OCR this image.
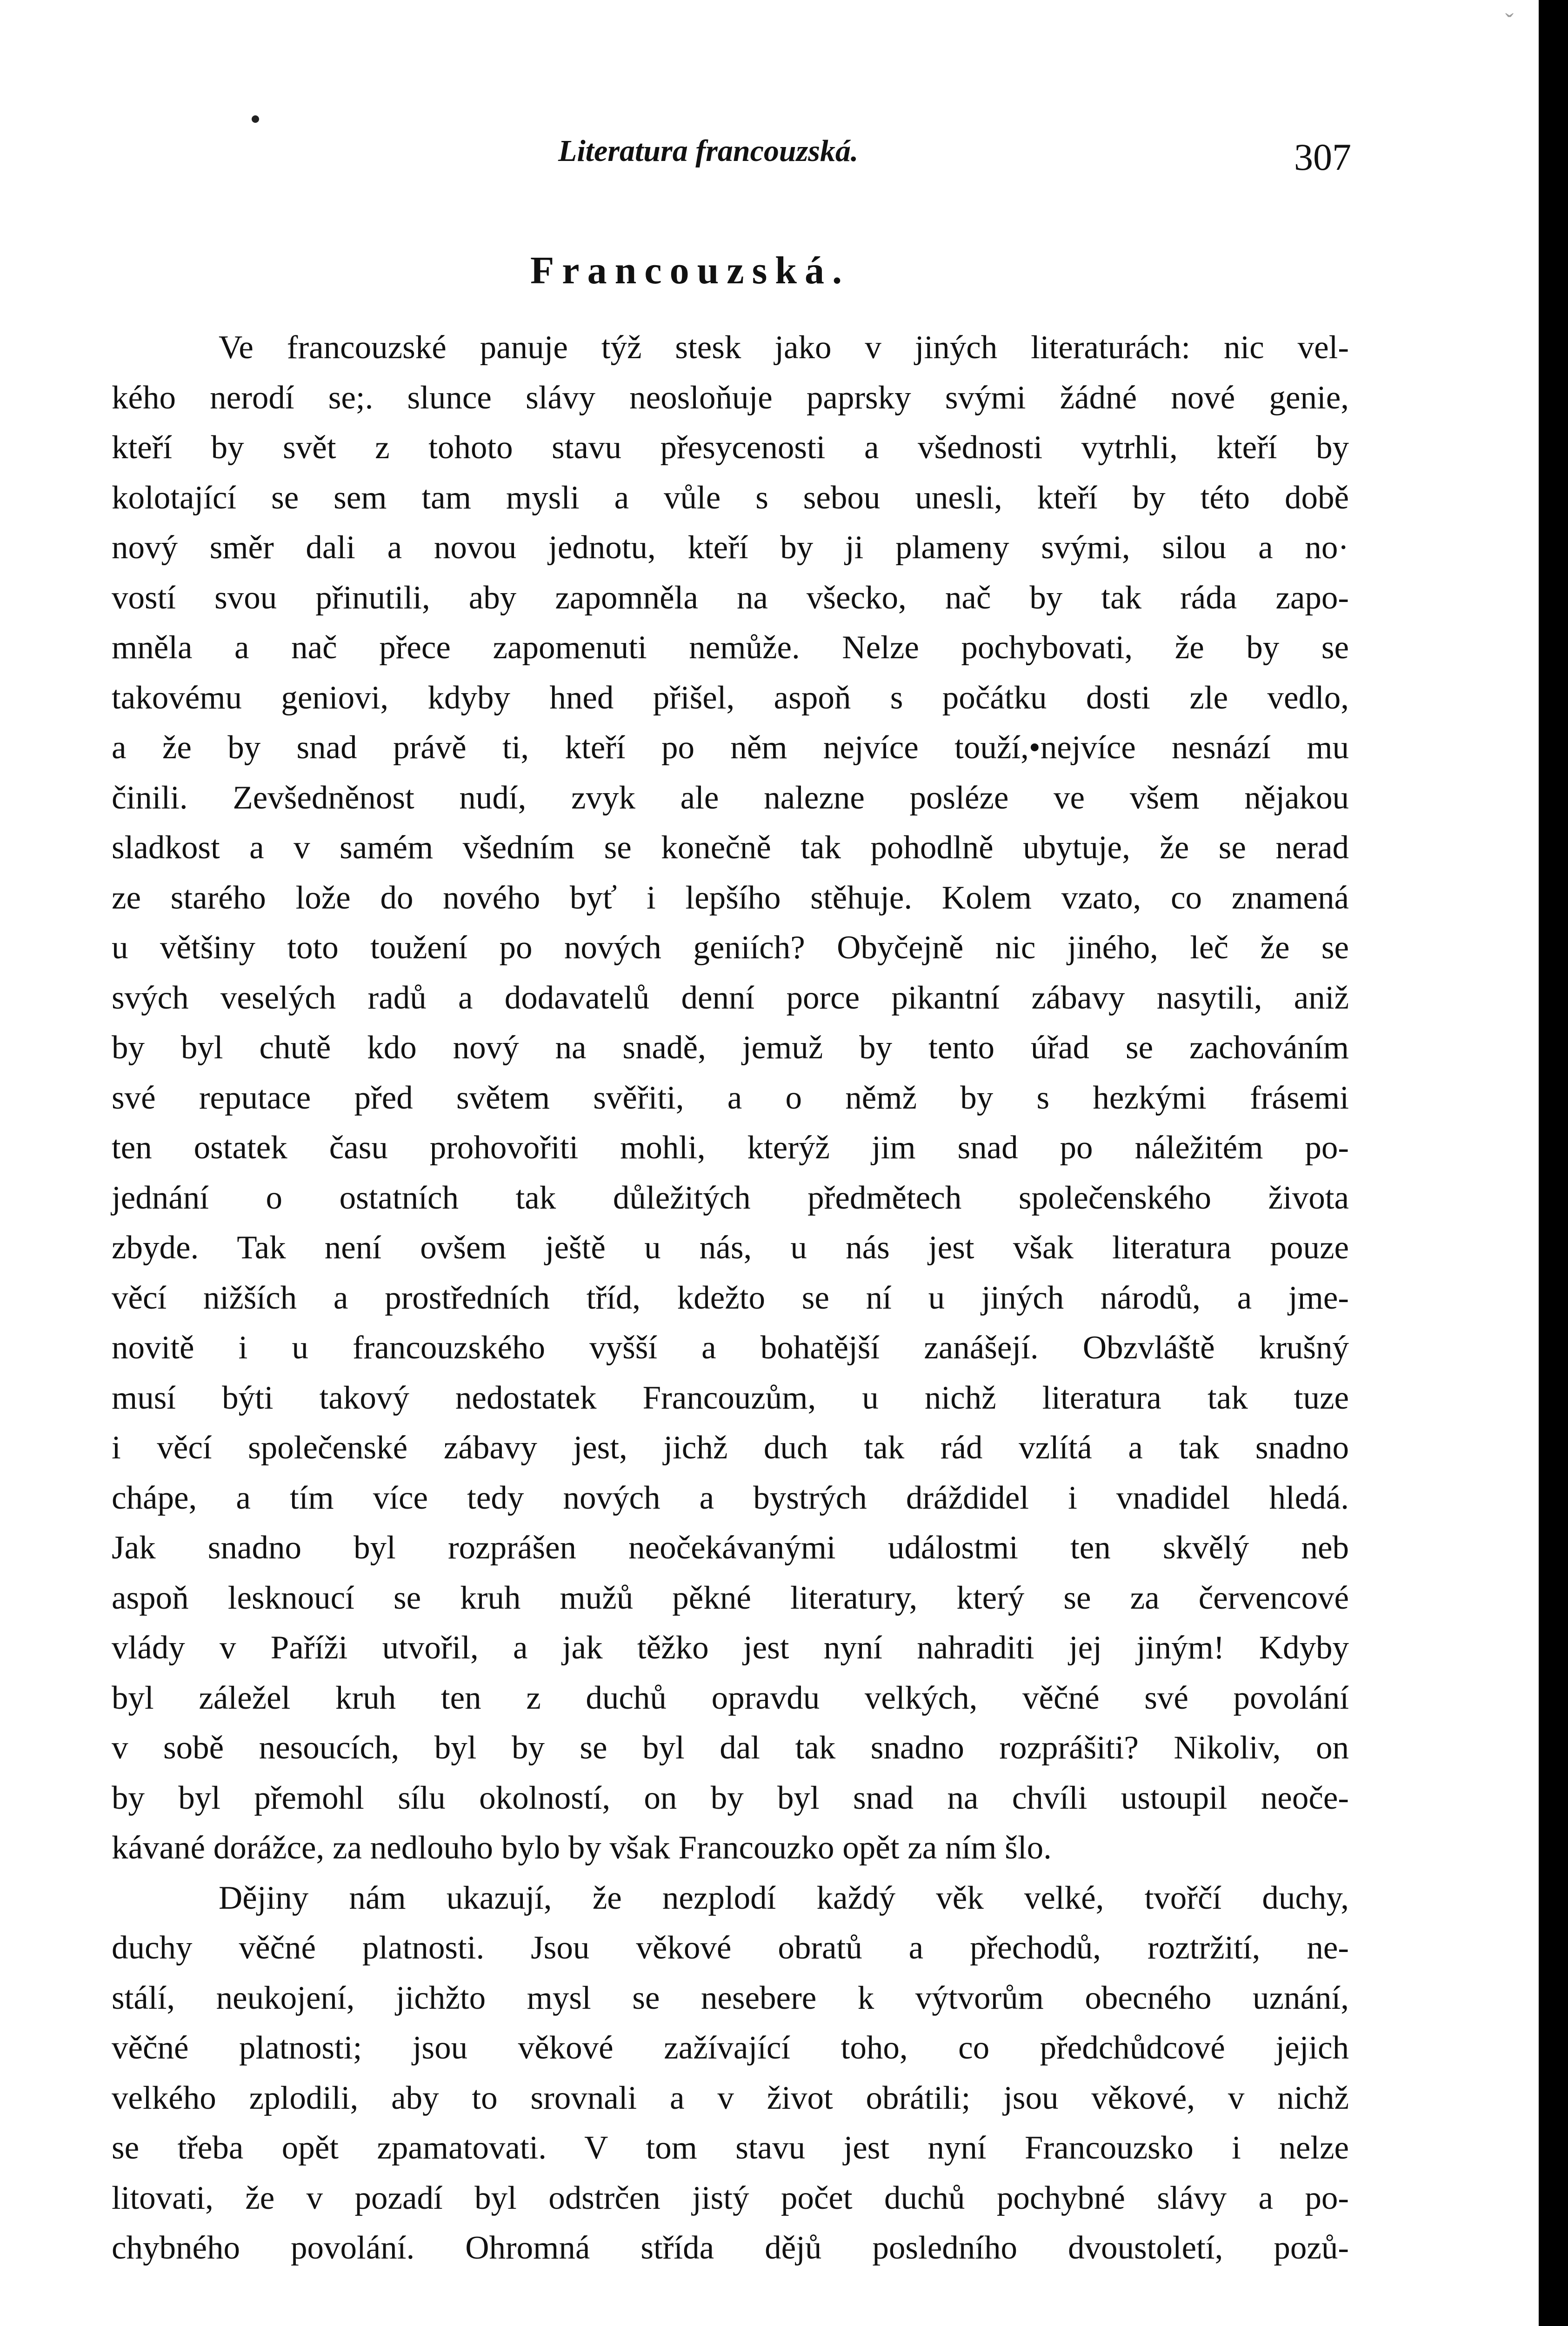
ˇ
Literatura francouzská.	307
Francouzská.
Ve francouzské panuje týž stesk jako v jiných literaturách: nic vel-
kého nerodí se;. slunce slávy neosloňuje paprsky svými žádné nové genie,
kteří by svět z tohoto stavu přesycenosti a všednosti vytrhli, kteří by
kolotající se sem tam mysli a vůle s sebou unesli, kteří by této době
nový směr dali a novou jednotu, kteří by ji plameny svými, silou a no·
vostí svou přinutili, aby zapomněla na všecko, nač by tak ráda zapo-
mněla a nač přece zapomenuti nemůže. Nelze pochybovati, že by se
takovému geniovi, kdyby hned přišel, aspoň s počátku dosti zle vedlo,
a že by snad právě ti, kteří po něm nejvíce touží,•nejvíce nesnází mu
činili. Zevšedněnost nudí, zvyk ale nalezne posléze ve všem nějakou
sladkost a v samém všedním se konečně tak pohodlně ubytuje, že se nerad
ze starého lože do nového byť i lepšího stěhuje. Kolem vzato, co znamená
u většiny toto toužení po nových geniích? Obyčejně nic jiného, leč že se
svých veselých radů a dodavatelů denní porce pikantní zábavy nasytili, aniž
by byl chutě kdo nový na snadě, jemuž by tento úřad se zachováním
své reputace před světem svěřiti, a o němž by s hezkými frásemi
ten ostatek času prohovořiti mohli, kterýž jim snad po náležitém po-
jednání o ostatních tak důležitých předmětech společenského života
zbyde. Tak není ovšem ještě u nás, u nás jest však literatura pouze
věcí nižších a prostředních tříd, kdežto se ní u jiných národů, a jme-
novitě i u francouzského vyšší a bohatější zanášejí. Obzvláště krušný
musí býti takový nedostatek Francouzům, u nichž literatura tak tuze
i věcí společenské zábavy jest, jichž duch tak rád vzlítá a tak snadno
chápe, a tím více tedy nových a bystrých dráždidel i vnadidel hledá.
Jak snadno byl rozprášen neočekávanými událostmi ten skvělý neb
aspoň lesknoucí se kruh mužů pěkné literatury, který se za červencové
vlády v Paříži utvořil, a jak těžko jest nyní nahraditi jej jiným! Kdyby
byl záležel kruh ten z duchů opravdu velkých, věčné své povolání
v sobě nesoucích, byl by se byl dal tak snadno rozprášiti? Nikoliv, on
by byl přemohl sílu okolností, on by byl snad na chvíli ustoupil neoče-
kávané dorážce, za nedlouho bylo by však Francouzko opět za ním šlo.
Dějiny nám ukazují, že nezplodí každý věk velké, tvořčí duchy,
duchy věčné platnosti. Jsou věkové obratů a přechodů, roztržití, ne-
stálí, neukojení, jichžto mysl se nesebere k výtvorům obecného uznání,
věčné platnosti; jsou věkové zažívající toho, co předchůdcové jejich
velkého zplodili, aby to srovnali a v život obrátili; jsou věkové, v nichž
se třeba opět zpamatovati. V tom stavu jest nyní Francouzsko i nelze
litovati, že v pozadí byl odstrčen jistý počet duchů pochybné slávy a po-
chybného povolání. Ohromná střída dějů posledního dvoustoletí, pozů-
